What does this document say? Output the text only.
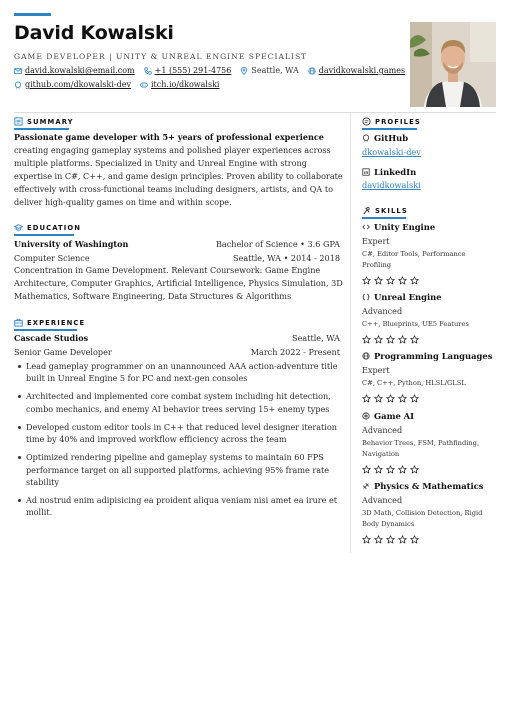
David Kowalski
GAME DEVELOPER | UNITY & UNREAL ENGINE SPECIALIST
david.kowalski@email.com	+1 (555) 291-4756	Seattle, WA	davidkowalski.games
github.com/dkowalski-dev	itch.io/dkowalski
SUMMARY
Passionate game developer with 5+ years of professional experience creating engaging gameplay systems and polished player experiences across multiple platforms. Specialized in Unity and Unreal Engine with strong expertise in C#, C++, and game design principles. Proven ability to collaborate effectively with cross-functional teams including designers, artists, and QA to deliver high-quality games on time and within scope.
EDUCATION
University of Washington	Bachelor of Science • 3.6 GPA
Computer Science	Seattle, WA • 2014 - 2018
Concentration in Game Development. Relevant Coursework: Game Engine Architecture, Computer Graphics, Artificial Intelligence, Physics Simulation, 3D Mathematics, Software Engineering, Data Structures & Algorithms
EXPERIENCE
Cascade Studios	Seattle, WA
Senior Game Developer	March 2022 - Present
Lead gameplay programmer on an unannounced AAA action-adventure title built in Unreal Engine 5 for PC and next-gen consoles
Architected and implemented core combat system including hit detection, combo mechanics, and enemy AI behavior trees serving 15+ enemy types
Developed custom editor tools in C++ that reduced level designer iteration time by 40% and improved workflow efficiency across the team
Optimized rendering pipeline and gameplay systems to maintain 60 FPS performance target on all supported platforms, achieving 95% frame rate stability
Ad nostrud enim adipisicing ea proident aliqua veniam nisi amet ea irure et mollit.
PROFILES
GitHub
dkowalski-dev
LinkedIn
davidkowalski
SKILLS
Unity Engine
Expert
C#, Editor Tools, Performance Profiling
Unreal Engine
Advanced
C++, Blueprints, UE5 Features
Programming Languages
Expert
C#, C++, Python, HLSL/GLSL
Game AI
Advanced
Behavior Trees, FSM, Pathfinding, Navigation
Physics & Mathematics
Advanced
3D Math, Collision Detection, Rigid Body Dynamics
